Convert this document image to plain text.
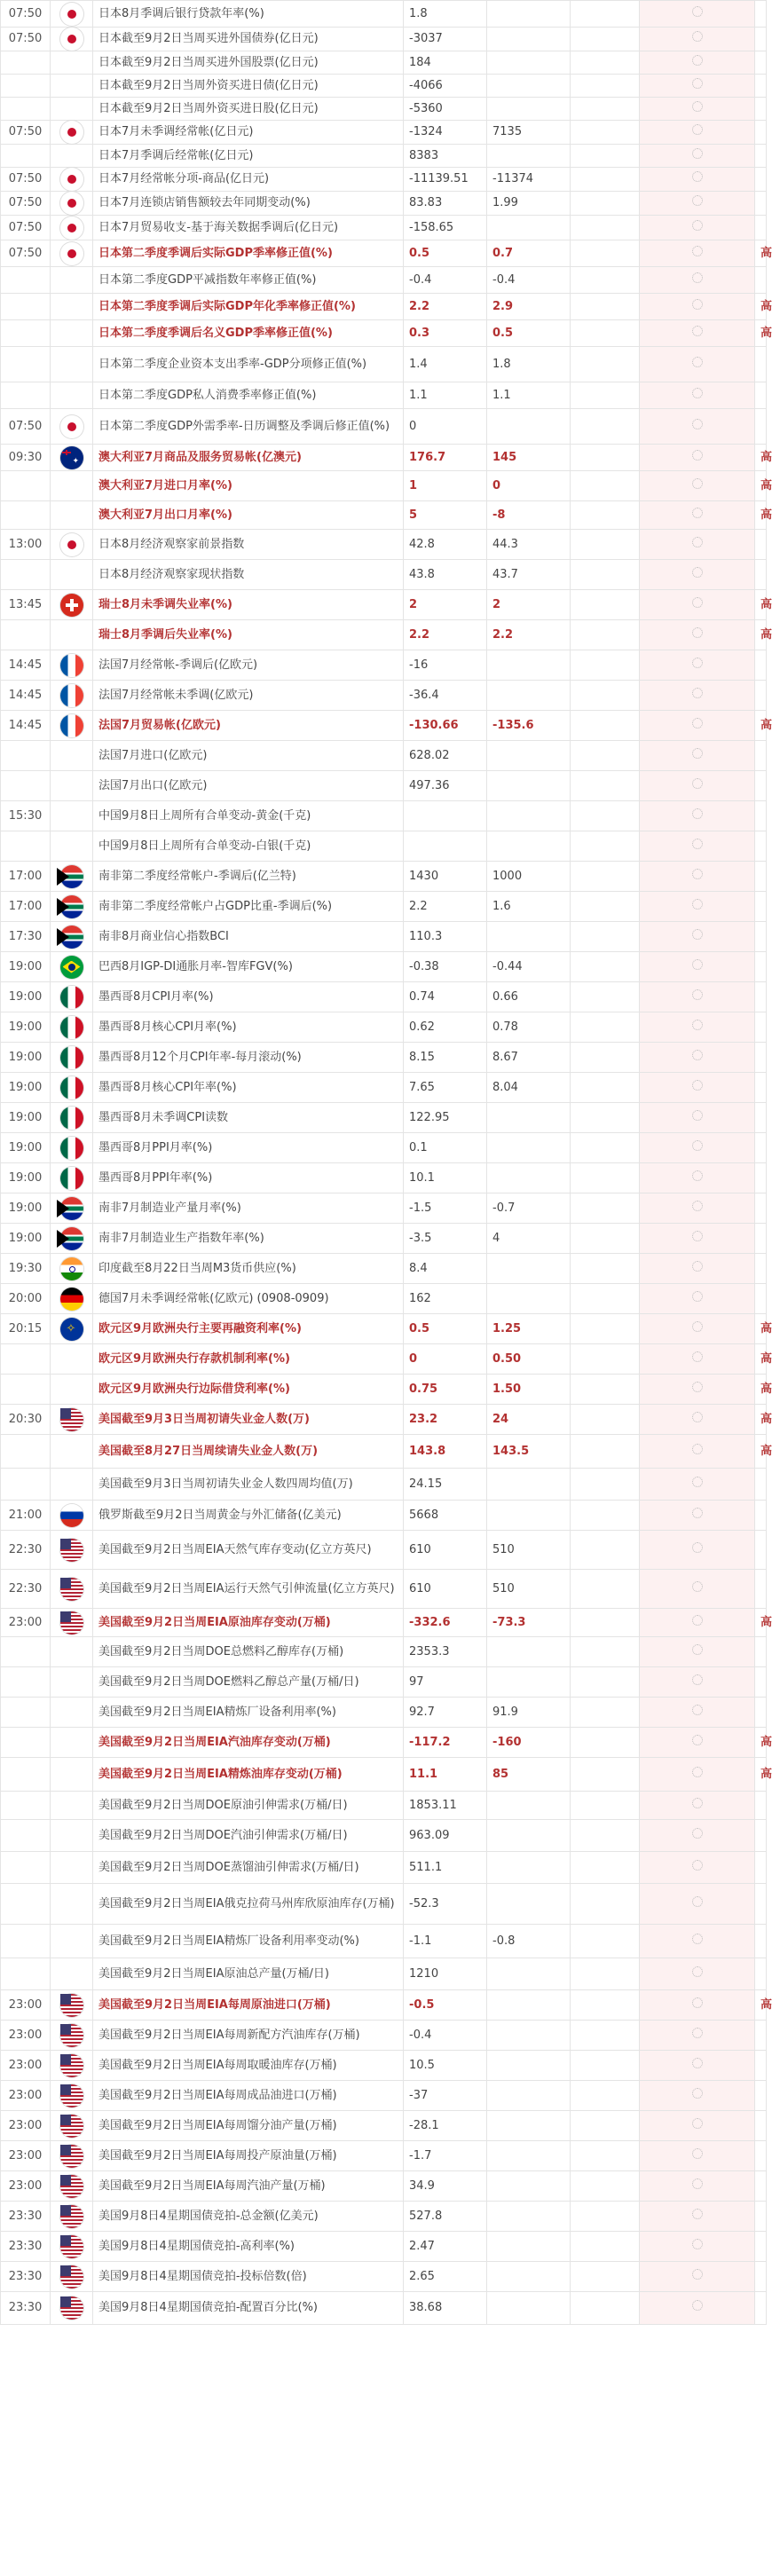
07:50		日本8月季调后银行贷款年率(%)	1.8				
07:50		日本截至9月2日当周买进外国债券(亿日元)	-3037				
		日本截至9月2日当周买进外国股票(亿日元)	184				
		日本截至9月2日当周外资买进日债(亿日元)	-4066				
		日本截至9月2日当周外资买进日股(亿日元)	-5360				
07:50		日本7月未季调经常帐(亿日元)	-1324	7135			
		日本7月季调后经常帐(亿日元)	8383				
07:50		日本7月经常帐分项-商品(亿日元)	-11139.51	-11374			
07:50		日本7月连锁店销售额较去年同期变动(%)	83.83	1.99			
07:50		日本7月贸易收支-基于海关数据季调后(亿日元)	-158.65				
07:50		日本第二季度季调后实际GDP季率修正值(%)	0.5	0.7			高
		日本第二季度GDP平减指数年率修正值(%)	-0.4	-0.4			
		日本第二季度季调后实际GDP年化季率修正值(%)	2.2	2.9			高
		日本第二季度季调后名义GDP季率修正值(%)	0.3	0.5			高
		日本第二季度企业资本支出季率-GDP分项修正值(%)	1.4	1.8			
		日本第二季度GDP私人消费季率修正值(%)	1.1	1.1			
07:50		日本第二季度GDP外需季率-日历调整及季调后修正值(%)	0				
09:30	✦	澳大利亚7月商品及服务贸易帐(亿澳元)	176.7	145			高
		澳大利亚7月进口月率(%)	1	0			高
		澳大利亚7月出口月率(%)	5	-8			高
13:00		日本8月经济观察家前景指数	42.8	44.3			
		日本8月经济观察家现状指数	43.8	43.7			
13:45		瑞士8月未季调失业率(%)	2	2			高
		瑞士8月季调后失业率(%)	2.2	2.2			高
14:45		法国7月经常帐-季调后(亿欧元)	-16				
14:45		法国7月经常帐未季调(亿欧元)	-36.4				
14:45		法国7月贸易帐(亿欧元)	-130.66	-135.6			高
		法国7月进口(亿欧元)	628.02				
		法国7月出口(亿欧元)	497.36				
15:30		中国9月8日上周所有合单变动-黄金(千克)					
		中国9月8日上周所有合单变动-白银(千克)					
17:00		南非第二季度经常帐户-季调后(亿兰特)	1430	1000			
17:00		南非第二季度经常帐户占GDP比重-季调后(%)	2.2	1.6			
17:30		南非8月商业信心指数BCI	110.3				
19:00		巴西8月IGP-DI通胀月率-智库FGV(%)	-0.38	-0.44			
19:00		墨西哥8月CPI月率(%)	0.74	0.66			
19:00		墨西哥8月核心CPI月率(%)	0.62	0.78			
19:00		墨西哥8月12个月CPI年率-每月滚动(%)	8.15	8.67			
19:00		墨西哥8月核心CPI年率(%)	7.65	8.04			
19:00		墨西哥8月未季调CPI读数	122.95				
19:00		墨西哥8月PPI月率(%)	0.1				
19:00		墨西哥8月PPI年率(%)	10.1				
19:00		南非7月制造业产量月率(%)	-1.5	-0.7			
19:00		南非7月制造业生产指数年率(%)	-3.5	4			
19:30		印度截至8月22日当周M3货币供应(%)	8.4				
20:00		德国7月未季调经常帐(亿欧元) (0908-0909)	162				
20:15	✧	欧元区9月欧洲央行主要再融资利率(%)	0.5	1.25			高
		欧元区9月欧洲央行存款机制利率(%)	0	0.50			高
		欧元区9月欧洲央行边际借贷利率(%)	0.75	1.50			高
20:30		美国截至9月3日当周初请失业金人数(万)	23.2	24			高
		美国截至8月27日当周续请失业金人数(万)	143.8	143.5			高
		美国截至9月3日当周初请失业金人数四周均值(万)	24.15				
21:00		俄罗斯截至9月2日当周黄金与外汇储备(亿美元)	5668				
22:30		美国截至9月2日当周EIA天然气库存变动(亿立方英尺)	610	510			
22:30		美国截至9月2日当周EIA运行天然气引伸流量(亿立方英尺)	610	510			
23:00		美国截至9月2日当周EIA原油库存变动(万桶)	-332.6	-73.3			高
		美国截至9月2日当周DOE总燃料乙醇库存(万桶)	2353.3				
		美国截至9月2日当周DOE燃料乙醇总产量(万桶/日)	97				
		美国截至9月2日当周EIA精炼厂设备利用率(%)	92.7	91.9			
		美国截至9月2日当周EIA汽油库存变动(万桶)	-117.2	-160			高
		美国截至9月2日当周EIA精炼油库存变动(万桶)	11.1	85			高
		美国截至9月2日当周DOE原油引伸需求(万桶/日)	1853.11				
		美国截至9月2日当周DOE汽油引伸需求(万桶/日)	963.09				
		美国截至9月2日当周DOE蒸馏油引伸需求(万桶/日)	511.1				
		美国截至9月2日当周EIA俄克拉荷马州库欣原油库存(万桶)	-52.3				
		美国截至9月2日当周EIA精炼厂设备利用率变动(%)	-1.1	-0.8			
		美国截至9月2日当周EIA原油总产量(万桶/日)	1210				
23:00		美国截至9月2日当周EIA每周原油进口(万桶)	-0.5				高
23:00		美国截至9月2日当周EIA每周新配方汽油库存(万桶)	-0.4				
23:00		美国截至9月2日当周EIA每周取暖油库存(万桶)	10.5				
23:00		美国截至9月2日当周EIA每周成品油进口(万桶)	-37				
23:00		美国截至9月2日当周EIA每周馏分油产量(万桶)	-28.1				
23:00		美国截至9月2日当周EIA每周投产原油量(万桶)	-1.7				
23:00		美国截至9月2日当周EIA每周汽油产量(万桶)	34.9				
23:30		美国9月8日4星期国债竞拍-总金额(亿美元)	527.8				
23:30		美国9月8日4星期国债竞拍-高利率(%)	2.47				
23:30		美国9月8日4星期国债竞拍-投标倍数(倍)	2.65				
23:30		美国9月8日4星期国债竞拍-配置百分比(%)	38.68				
